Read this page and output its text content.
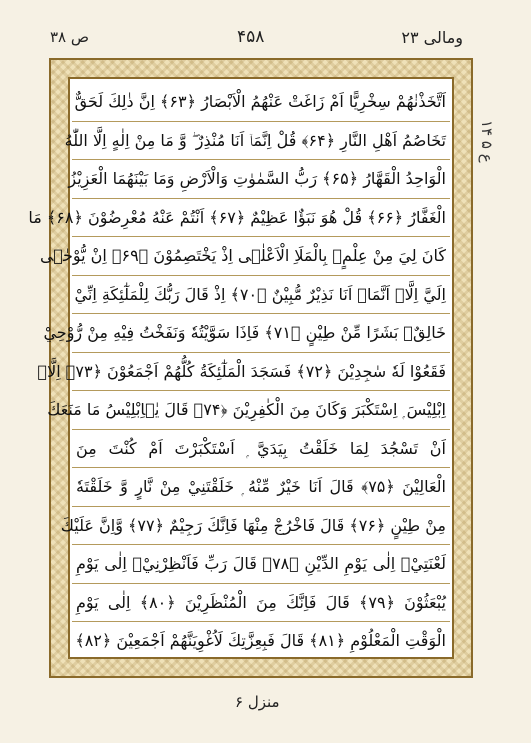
ومالی ۲۳
۴۵۸
ص ۳۸
اَتَّخَذْنٰهُمْ سِخْرِيًّا اَمْ زَاغَتْ عَنْهُمُ الْاَبْصَارُ ﴿۶۳﴾ اِنَّ ذٰلِكَ لَحَقٌّ
تَخَاصُمُ اَهْلِ النَّارِ ﴿۶۴﴾ قُلْ اِنَّمَاۤ اَنَا مُنْذِرٌ ۖ وَّ مَا مِنْ اِلٰهٍ اِلَّا اللّٰهُ
الْوَاحِدُ الْقَهَّارُ ﴿۶۵﴾ رَبُّ السَّمٰوٰتِ وَالْاَرْضِ وَمَا بَيْنَهُمَا الْعَزِيْزُ
الْغَفَّارُ ﴿۶۶﴾ قُلْ هُوَ نَبَؤٌا عَظِيْمٌ ﴿۶۷﴾ اَنْتُمْ عَنْهُ مُعْرِضُوْنَ ﴿۶۸﴾ مَا
كَانَ لِيَ مِنْ عِلْمٍۢ بِالْمَلَاِ الْاَعْلٰۤى اِذْ يَخْتَصِمُوْنَ ﴿۶۹﴾ اِنْ يُّوْحٰۤى
اِلَيَّ اِلَّاۤ اَنَّمَاۤ اَنَا نَذِيْرٌ مُّبِيْنٌ ﴿۷۰﴾ اِذْ قَالَ رَبُّكَ لِلْمَلٰٓئِكَةِ اِنِّيْ
خَالِقٌۢ بَشَرًا مِّنْ طِيْنٍ ﴿۷۱﴾ فَاِذَا سَوَّيْتُهٗ وَنَفَخْتُ فِيْهِ مِنْ رُّوْحِيْ
فَقَعُوْا لَهٗ سٰجِدِيْنَ ﴿۷۲﴾ فَسَجَدَ الْمَلٰٓئِكَةُ كُلُّهُمْ اَجْمَعُوْنَ ﴿۷۳﴾ اِلَّاۤ
اِبْلِيْسَ ۭ اِسْتَكْبَرَ وَكَانَ مِنَ الْكٰفِرِيْنَ ﴿۷۴﴾ قَالَ يٰۤاِبْلِيْسُ مَا مَنَعَكَ
اَنْ تَسْجُدَ لِمَا خَلَقْتُ بِيَدَيَّ ۭ اَسْتَكْبَرْتَ اَمْ كُنْتَ مِنَ
الْعَالِيْنَ ﴿۷۵﴾ قَالَ اَنَا خَيْرٌ مِّنْهُ ۭ خَلَقْتَنِيْ مِنْ نَّارٍ وَّ خَلَقْتَهٗ
مِنْ طِيْنٍ ﴿۷۶﴾ قَالَ فَاخْرُجْ مِنْهَا فَاِنَّكَ رَجِيْمٌ ﴿۷۷﴾ وَّاِنَّ عَلَيْكَ
لَعْنَتِيْۤ اِلٰى يَوْمِ الدِّيْنِ ﴿۷۸﴾ قَالَ رَبِّ فَاَنْظِرْنِيْۤ اِلٰى يَوْمِ
يُبْعَثُوْنَ ﴿۷۹﴾ قَالَ فَاِنَّكَ مِنَ الْمُنْظَرِيْنَ ﴿۸۰﴾ اِلٰى يَوْمِ
الْوَقْتِ الْمَعْلُوْمِ ﴿۸۱﴾ قَالَ فَبِعِزَّتِكَ لَاُغْوِيَنَّهُمْ اَجْمَعِيْنَ ﴿۸۲﴾
ع ۵ ۱۴
منزل ۶
